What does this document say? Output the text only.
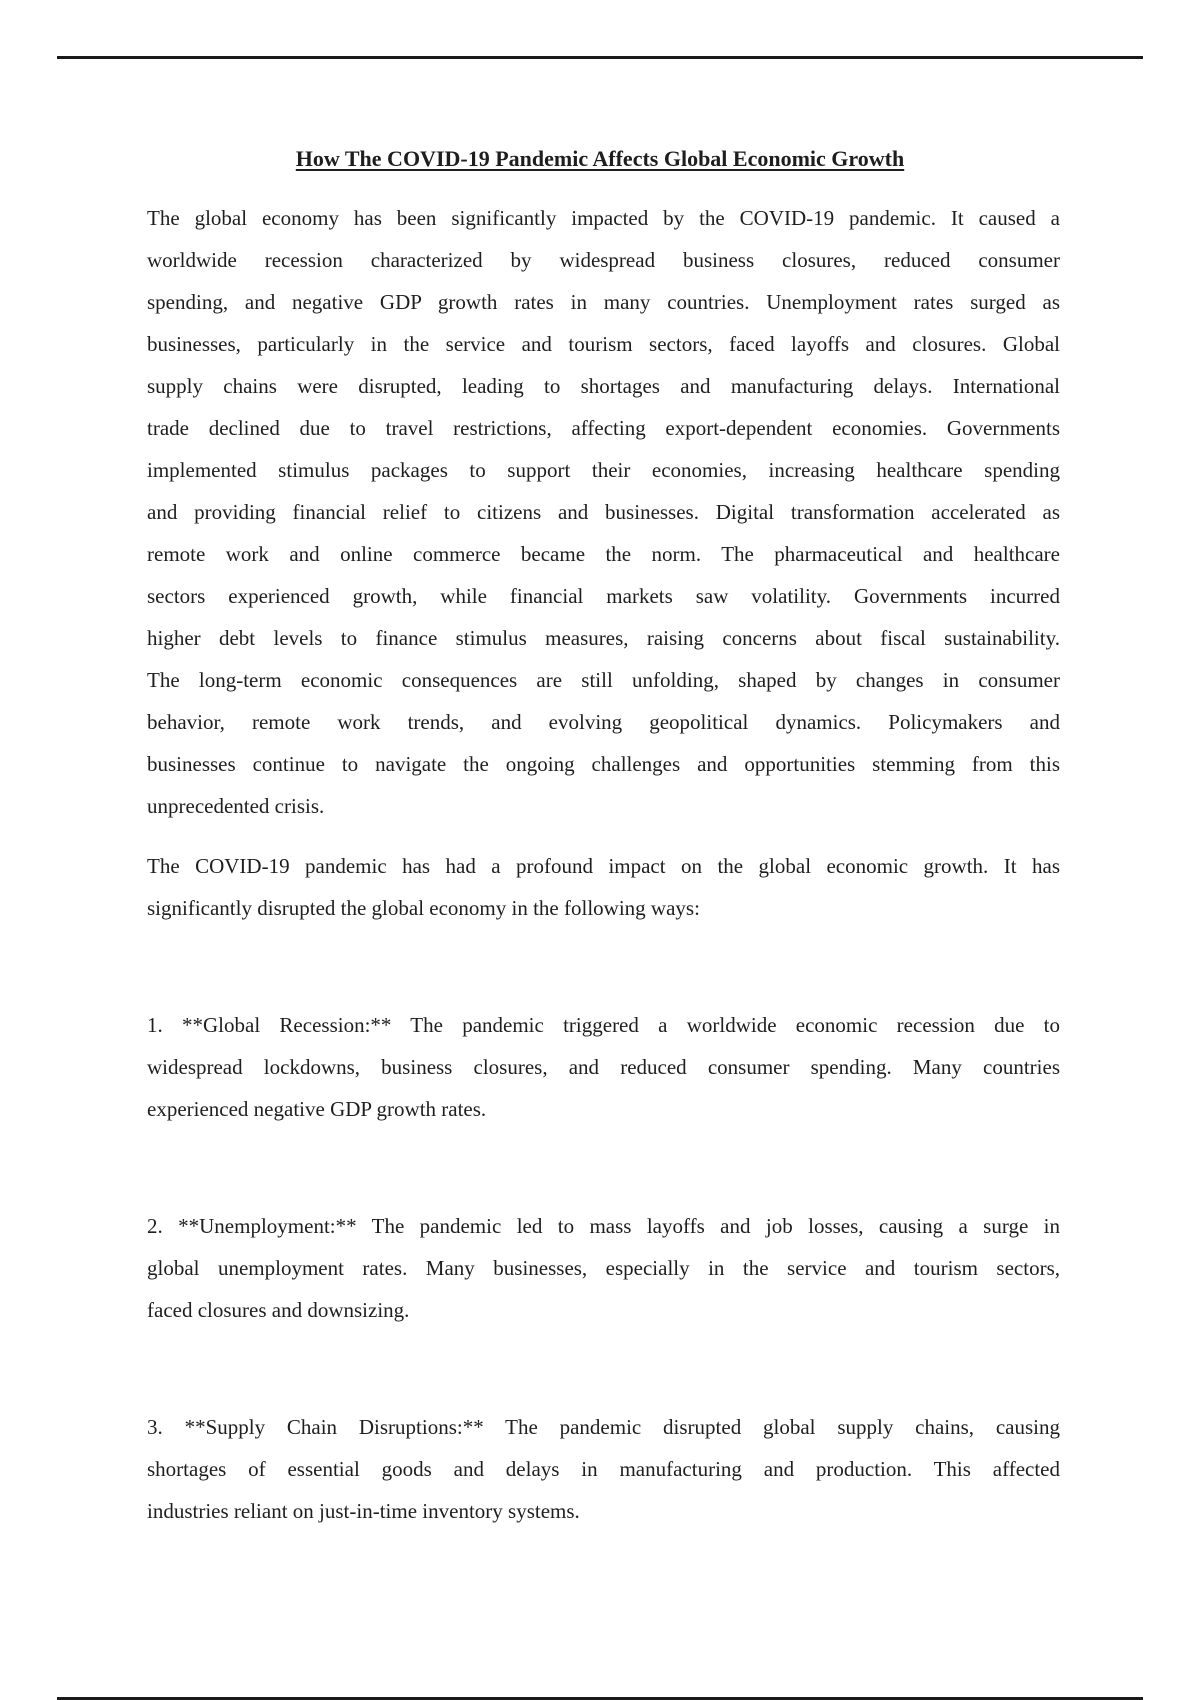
How The COVID-19 Pandemic Affects Global Economic Growth
The global economy has been significantly impacted by the COVID-19 pandemic. It caused a
worldwide recession characterized by widespread business closures, reduced consumer
spending, and negative GDP growth rates in many countries. Unemployment rates surged as
businesses, particularly in the service and tourism sectors, faced layoffs and closures. Global
supply chains were disrupted, leading to shortages and manufacturing delays. International
trade declined due to travel restrictions, affecting export-dependent economies. Governments
implemented stimulus packages to support their economies, increasing healthcare spending
and providing financial relief to citizens and businesses. Digital transformation accelerated as
remote work and online commerce became the norm. The pharmaceutical and healthcare
sectors experienced growth, while financial markets saw volatility. Governments incurred
higher debt levels to finance stimulus measures, raising concerns about fiscal sustainability.
The long-term economic consequences are still unfolding, shaped by changes in consumer
behavior, remote work trends, and evolving geopolitical dynamics. Policymakers and
businesses continue to navigate the ongoing challenges and opportunities stemming from this
unprecedented crisis.
The COVID-19 pandemic has had a profound impact on the global economic growth. It has
significantly disrupted the global economy in the following ways:
1. **Global Recession:** The pandemic triggered a worldwide economic recession due to
widespread lockdowns, business closures, and reduced consumer spending. Many countries
experienced negative GDP growth rates.
2. **Unemployment:** The pandemic led to mass layoffs and job losses, causing a surge in
global unemployment rates. Many businesses, especially in the service and tourism sectors,
faced closures and downsizing.
3. **Supply Chain Disruptions:** The pandemic disrupted global supply chains, causing
shortages of essential goods and delays in manufacturing and production. This affected
industries reliant on just-in-time inventory systems.
